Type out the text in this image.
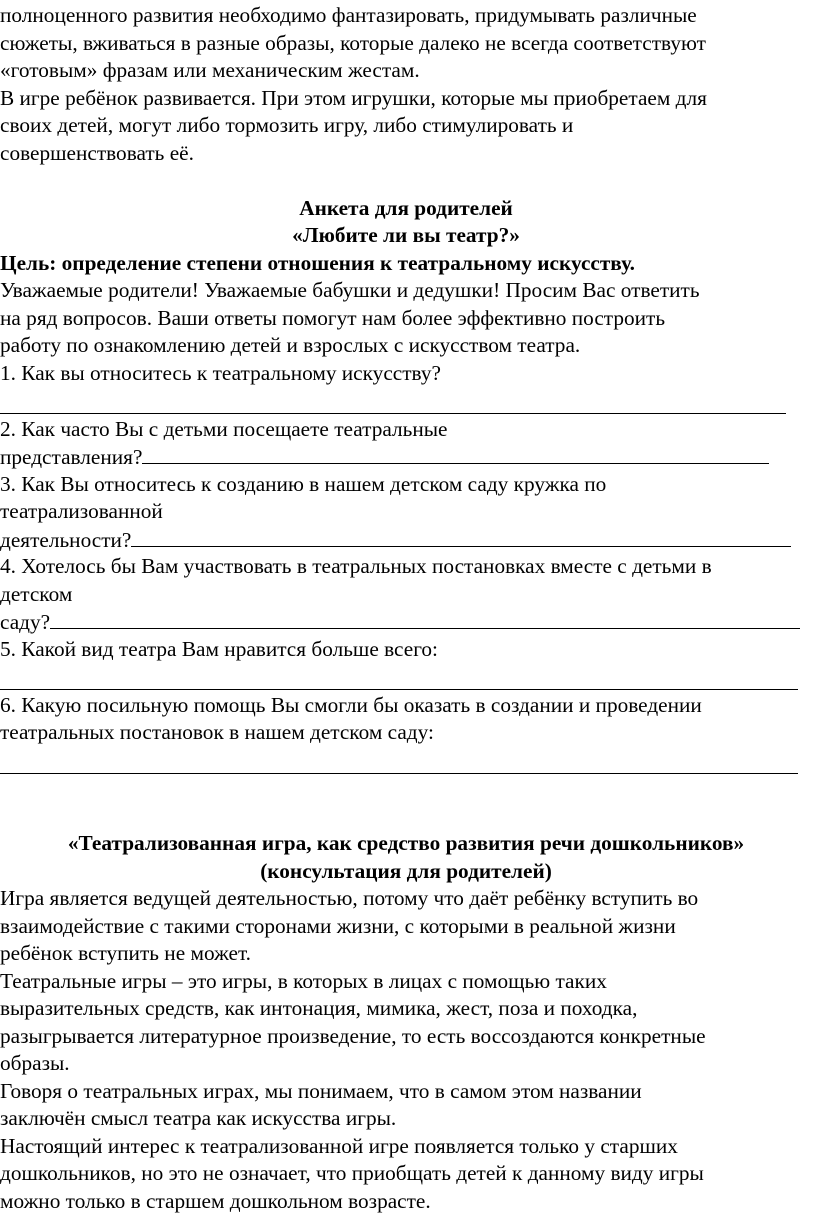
полноценного развития необходимо фантазировать, придумывать различные
сюжеты, вживаться в разные образы, которые далеко не всегда соответствуют
«готовым» фразам или механическим жестам.
В игре ребёнок развивается. При этом игрушки, которые мы приобретаем для
своих детей, могут либо тормозить игру, либо стимулировать и
совершенствовать её.
Анкета для родителей
«Любите ли вы театр?»
Цель: определение степени отношения к театральному искусству.
Уважаемые родители! Уважаемые бабушки и дедушки! Просим Вас ответить
на ряд вопросов. Ваши ответы помогут нам более эффективно построить
работу по ознакомлению детей и взрослых с искусством театра.
1. Как вы относитесь к театральному искусству?
2. Как часто Вы с детьми посещаете театральные
представления?
3. Как Вы относитесь к созданию в нашем детском саду кружка по
театрализованной
деятельности?
4. Хотелось бы Вам участвовать в театральных постановках вместе с детьми в
детском
саду?
5. Какой вид театра Вам нравится больше всего:
6. Какую посильную помощь Вы смогли бы оказать в создании и проведении
театральных постановок в нашем детском саду:
«Театрализованная игра, как средство развития речи дошкольников»
(консультация для родителей)
Игра является ведущей деятельностью, потому что даёт ребёнку вступить во
взаимодействие с такими сторонами жизни, с которыми в реальной жизни
ребёнок вступить не может.
Театральные игры – это игры, в которых в лицах с помощью таких
выразительных средств, как интонация, мимика, жест, поза и походка,
разыгрывается литературное произведение, то есть воссоздаются конкретные
образы.
Говоря о театральных играх, мы понимаем, что в самом этом названии
заключён смысл театра как искусства игры.
Настоящий интерес к театрализованной игре появляется только у старших
дошкольников, но это не означает, что приобщать детей к данному виду игры
можно только в старшем дошкольном возрасте.
